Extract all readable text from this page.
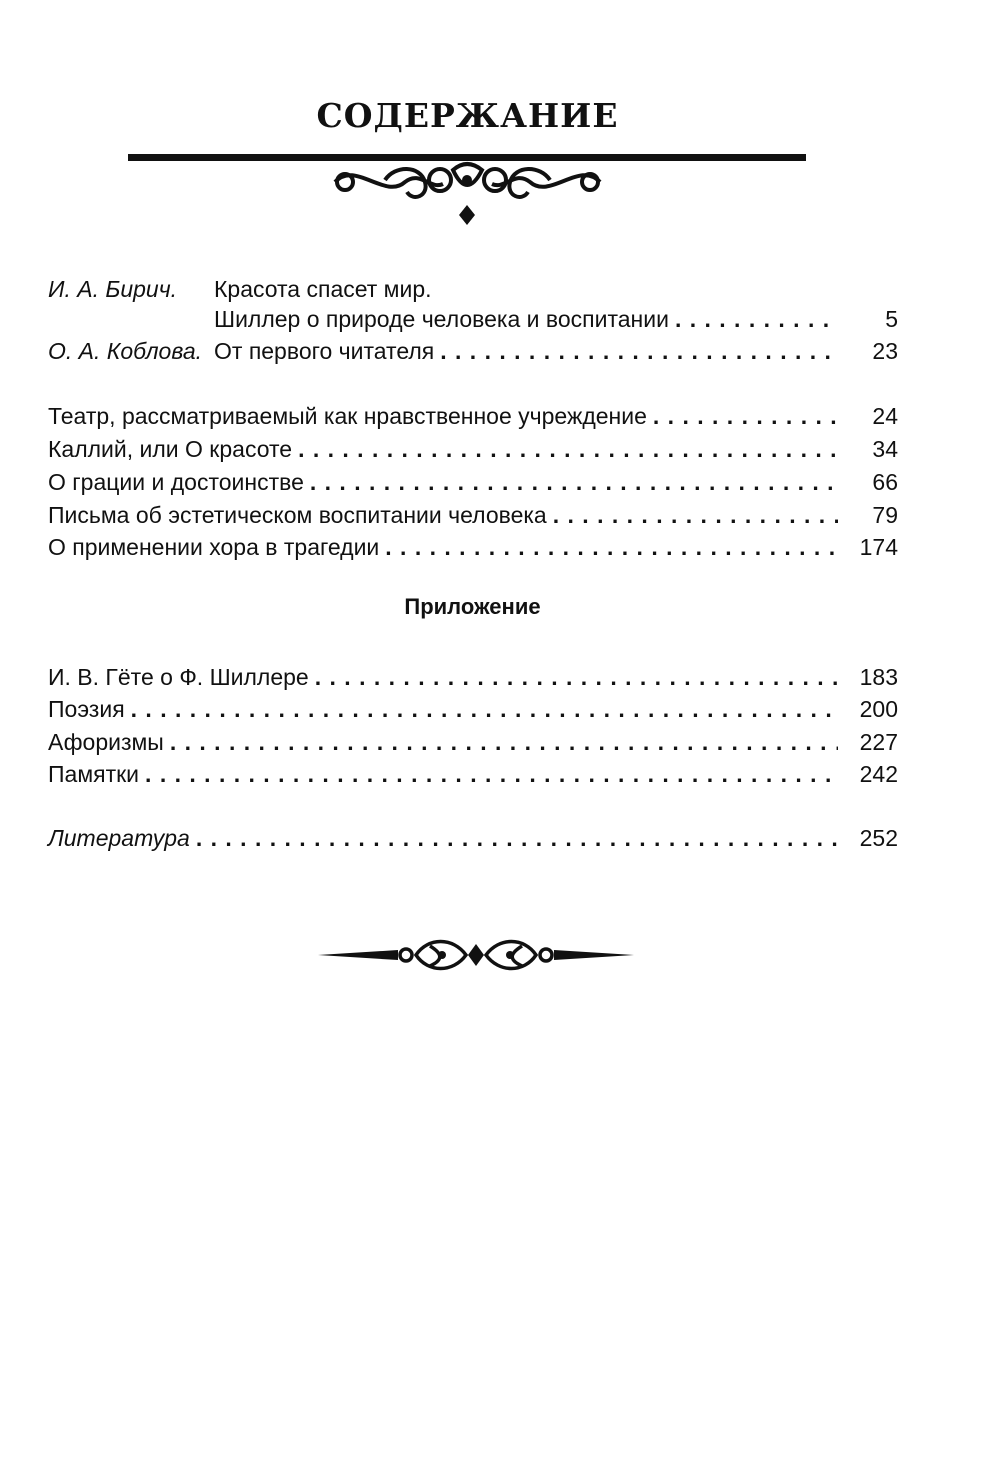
СОДЕРЖАНИЕ
И. А. Бирич.	Красота спасет мир.
Шиллер о природе человека и воспитании . . .	5
О. А. Коблова. От первого читателя . . .	23
Театр, рассматриваемый как нравственное учреждение . . .	24
Каллий, или О красоте . . .	34
О грации и достоинстве . . .	66
Письма об эстетическом воспитании человека . . .	79
О применении хора в трагедии . . .	174
Приложение
И. В. Гёте о Ф. Шиллере . . .	183
Поэзия . . .	200
Афоризмы . . .	227
Памятки . . .	242
Литература . . .	252
